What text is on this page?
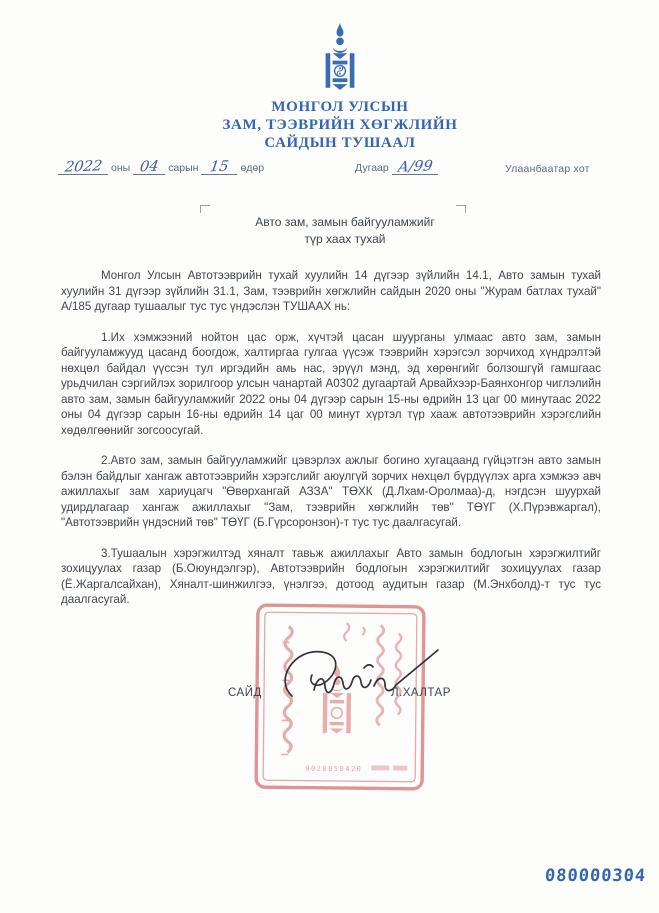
МОНГОЛ УЛСЫН
ЗАМ, ТЭЭВРИЙН ХӨГЖЛИЙН
САЙДЫН ТУШААЛ
2022 оны 04 сарын 15 өдөр	Дугаар А/99	Улаанбаатар хот
Авто зам, замын байгууламжийг
түр хаах тухай

Монгол Улсын Автотээврийн тухай хуулийн 14 дүгээр зүйлийн 14.1, Авто замын тухай хуулийн 31 дүгээр зүйлийн 31.1, Зам, тээврийн хөгжлийн сайдын 2020 оны "Журам батлах тухай" А/185 дугаар тушаалыг тус тус үндэслэн ТУШААХ нь:

1.Их хэмжээний нойтон цас орж, хүчтэй цасан шуурганы улмаас авто зам, замын байгууламжууд цасанд боогдож, халтиргаа гулгаа үүсэж тээврийн хэрэгсэл зорчиход хүндрэлтэй нөхцөл байдал үүссэн тул иргэдийн амь нас, эрүүл мэнд, эд хөрөнгийг болзошгүй гамшгаас урьдчилан сэргийлэх зорилгоор улсын чанартай А0302 дугаартай Арвайхээр-Баянхонгор чиглэлийн авто зам, замын байгууламжийг 2022 оны 04 дүгээр сарын 15-ны өдрийн 13 цаг 00 минутаас 2022 оны 04 дүгээр сарын 16-ны өдрийн 14 цаг 00 минут хүртэл түр хааж автотээврийн хэрэгслийн хөдөлгөөнийг зогсоосугай.

2.Авто зам, замын байгууламжийг цэвэрлэх ажлыг богино хугацаанд гүйцэтгэн авто замын бэлэн байдлыг хангаж автотээврийн хэрэгслийг аюулгүй зорчих нөхцөл бүрдүүлэх арга хэмжээ авч ажиллахыг зам хариуцагч "Өвөрхангай АЗЗА" ТӨХК (Д.Лхам-Оролмаа)-д, нэгдсэн шуурхай удирдлагаар хангаж ажиллахыг "Зам, тээврийн хөгжлийн төв" ТӨҮГ (Х.Пүрэвжаргал), "Автотээврийн үндэсний төв" ТӨҮГ (Б.Гүрсоронзон)-т тус тус даалгасугай.

3.Тушаалын хэрэгжилтэд хяналт тавьж ажиллахыг Авто замын бодлогын хэрэгжилтийг зохицуулах газар (Б.Оюундэлгэр), Автотээврийн бодлогын хэрэгжилтийг зохицуулах газар (Ё.Жаргалсайхан), Хяналт-шинжилгээ, үнэлгээ, дотоод аудитын газар (М.Энхболд)-т тус тус даалгасугай.

9020050420
САЙД	Л.ХАЛТАР
080000304
